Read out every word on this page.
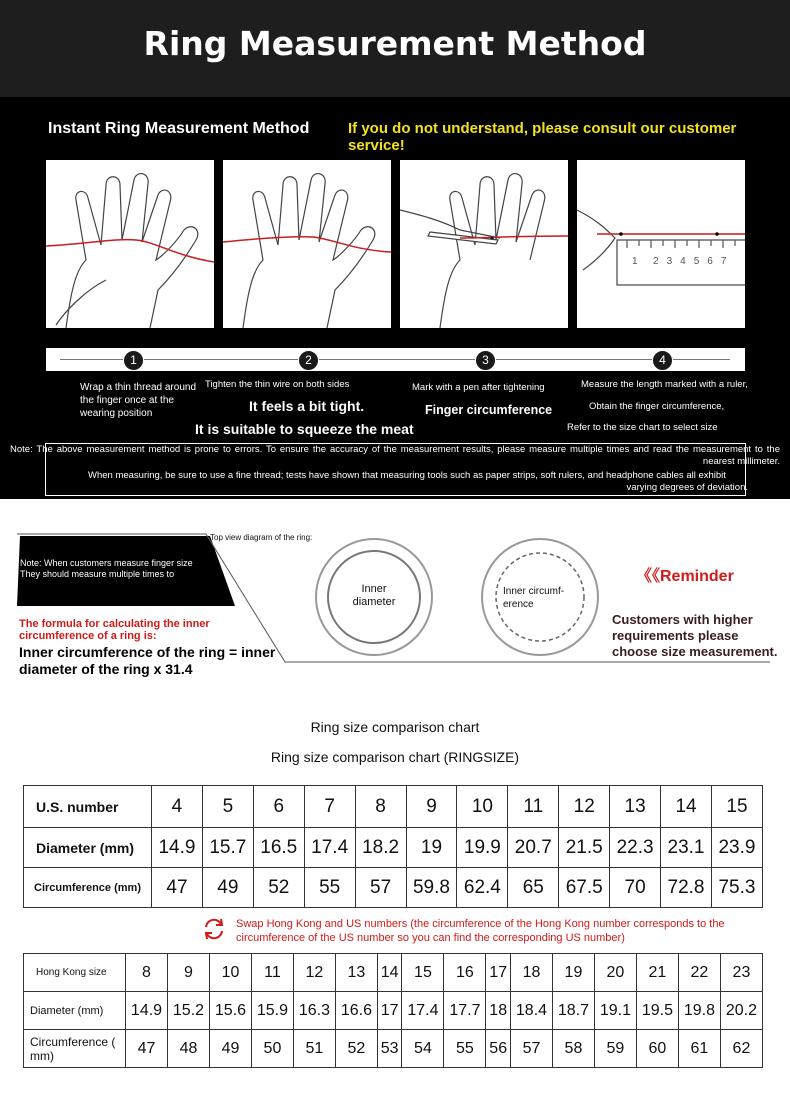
Ring Measurement Method
Instant Ring Measurement Method	If you do not understand, please consult our customer service!
234567
1
1	2	3	4
Wrap a thin thread around the finger once at the wearing position
Tighten the thin wire on both sides
It feels a bit tight.
It is suitable to squeeze the meat
Mark with a pen after tightening
Finger circumference
Measure the length marked with a ruler,
Obtain the finger circumference,
Refer to the size chart to select size
Note: The above measurement method is prone to errors. To ensure the accuracy of the measurement results, please measure multiple times and read the measurement to the nearest millimeter.
When measuring, be sure to use a fine thread; tests have shown that measuring tools such as paper strips, soft rulers, and headphone cables all exhibit varying degrees of deviation.
Top view diagram of the ring:
Note: When customers measure finger size They should measure multiple times to
The formula for calculating the inner circumference of a ring is:
Inner circumference of the ring = inner diameter of the ring x 31.4
Inner diameter
Inner circumf- erence
《《Reminder
Customers with higher requirements please choose size measurement.
Ring size comparison chart
Ring size comparison chart (RINGSIZE)
U.S. number	4	5	6	7	8	9	10	11	12	13	14	15
Diameter (mm)	14.9	15.7	16.5	17.4	18.2	19	19.9	20.7	21.5	22.3	23.1	23.9
Circumference (mm)	47	49	52	55	57	59.8	62.4	65	67.5	70	72.8	75.3
Swap Hong Kong and US numbers (the circumference of the Hong Kong number corresponds to the circumference of the US number so you can find the corresponding US number)
Hong Kong size	8	9	10	11	12	13	14	15	16	17	18	19	20	21	22	23
Diameter (mm)	14.9	15.2	15.6	15.9	16.3	16.6	17	17.4	17.7	18	18.4	18.7	19.1	19.5	19.8	20.2
Circumference ( mm)	47	48	49	50	51	52	53	54	55	56	57	58	59	60	61	62
